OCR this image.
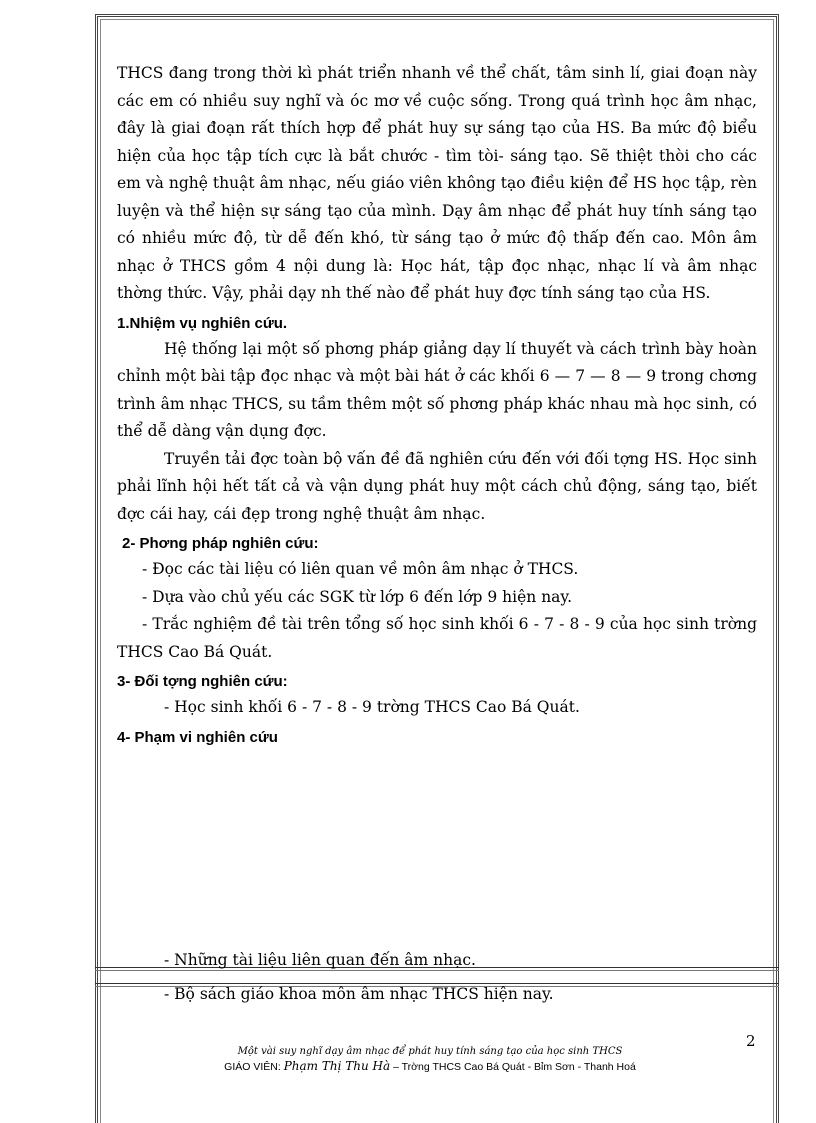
THCS đang trong thời kì phát triển nhanh về thể chất, tâm sinh lí, giai đoạn này các em có nhiều suy nghĩ và óc mơ về cuộc sống. Trong quá trình học âm nhạc, đây là giai đoạn rất thích hợp để phát huy sự sáng tạo của HS. Ba mức độ biểu hiện của học tập tích cực là bắt chước - tìm tòi- sáng tạo. Sẽ thiệt thòi cho các em và nghệ thuật âm nhạc, nếu giáo viên không tạo điều kiện để HS học tập, rèn luyện và thể hiện sự sáng tạo của mình. Dạy âm nhạc để phát huy tính sáng tạo có nhiều mức độ, từ dễ đến khó, từ sáng tạo ở mức độ thấp đến cao. Môn âm nhạc ở THCS gồm 4 nội dung là: Học hát, tập đọc nhạc, nhạc lí và âm nhạc thờng thức. Vậy, phải dạy nh thế nào để phát huy đợc tính sáng tạo của HS.

1.Nhiệm vụ nghiên cứu.

Hệ thống lại một số phơng pháp giảng dạy lí thuyết và cách trình bày hoàn chỉnh một bài tập đọc nhạc và một bài hát ở các khối 6 — 7 — 8 — 9 trong chơng trình âm nhạc THCS, su tầm thêm một số phơng pháp khác nhau mà học sinh, có thể dễ dàng vận dụng đợc.

Truyền tải đợc toàn bộ vấn đề đã nghiên cứu đến với đối tợng HS. Học sinh phải lĩnh hội hết tất cả và vận dụng phát huy một cách chủ động, sáng tạo, biết đợc cái hay, cái đẹp trong nghệ thuật âm nhạc.

2- Phơng pháp nghiên cứu:

- Đọc các tài liệu có liên quan về môn âm nhạc ở THCS.

- Dựa vào chủ yếu các SGK từ lớp 6 đến lớp 9 hiện nay.

- Trắc nghiệm đề tài trên tổng số học sinh khối 6 - 7 - 8 - 9 của học sinh trờng THCS Cao Bá Quát.

3- Đối tợng nghiên cứu:

- Học sinh khối 6 - 7 - 8 - 9 trờng THCS Cao Bá Quát.

4- Phạm vi nghiên cứu

- Những tài liệu liên quan đến âm nhạc.
- Bộ sách giáo khoa môn âm nhạc THCS hiện nay.
2
Một vài suy nghĩ dạy âm nhạc để phát huy tính sáng tạo của học sinh THCS
GIÁO VIÊN: Phạm Thị Thu Hà – Trờng THCS Cao Bá Quát - Bỉm Sơn - Thanh Hoá
